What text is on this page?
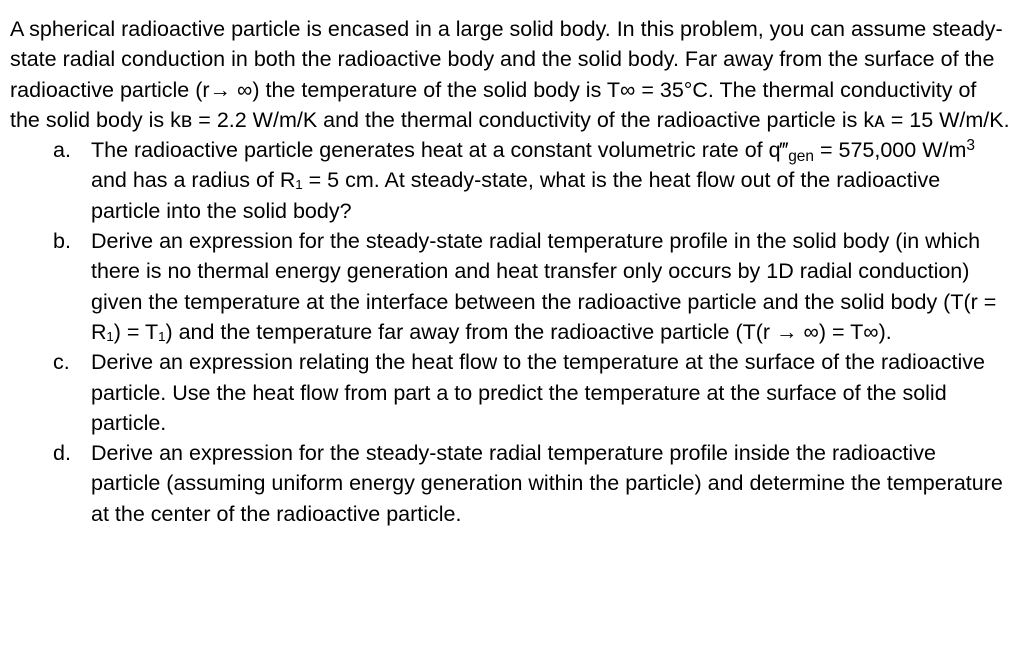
A spherical radioactive particle is encased in a large solid body. In this problem, you can assume steady-state radial conduction in both the radioactive body and the solid body. Far away from the surface of the radioactive particle (r→ ∞) the temperature of the solid body is T∞ = 35°C. The thermal conductivity of the solid body is kʙ = 2.2 W/m/K and the thermal conductivity of the radioactive particle is kᴀ = 15 W/m/K.

a. The radioactive particle generates heat at a constant volumetric rate of $q‴_{gen} = 575,000$ $W/m^3$ and has a radius of R₁ = 5 cm. At steady-state, what is the heat flow out of the radioactive particle into the solid body?
b. Derive an expression for the steady-state radial temperature profile in the solid body (in which there is no thermal energy generation and heat transfer only occurs by 1D radial conduction) given the temperature at the interface between the radioactive particle and the solid body (T(r = R₁) = T₁) and the temperature far away from the radioactive particle (T(r → ∞) = T∞).
c. Derive an expression relating the heat flow to the temperature at the surface of the radioactive particle. Use the heat flow from part a to predict the temperature at the surface of the solid particle.
d. Derive an expression for the steady-state radial temperature profile inside the radioactive particle (assuming uniform energy generation within the particle) and determine the temperature at the center of the radioactive particle.
